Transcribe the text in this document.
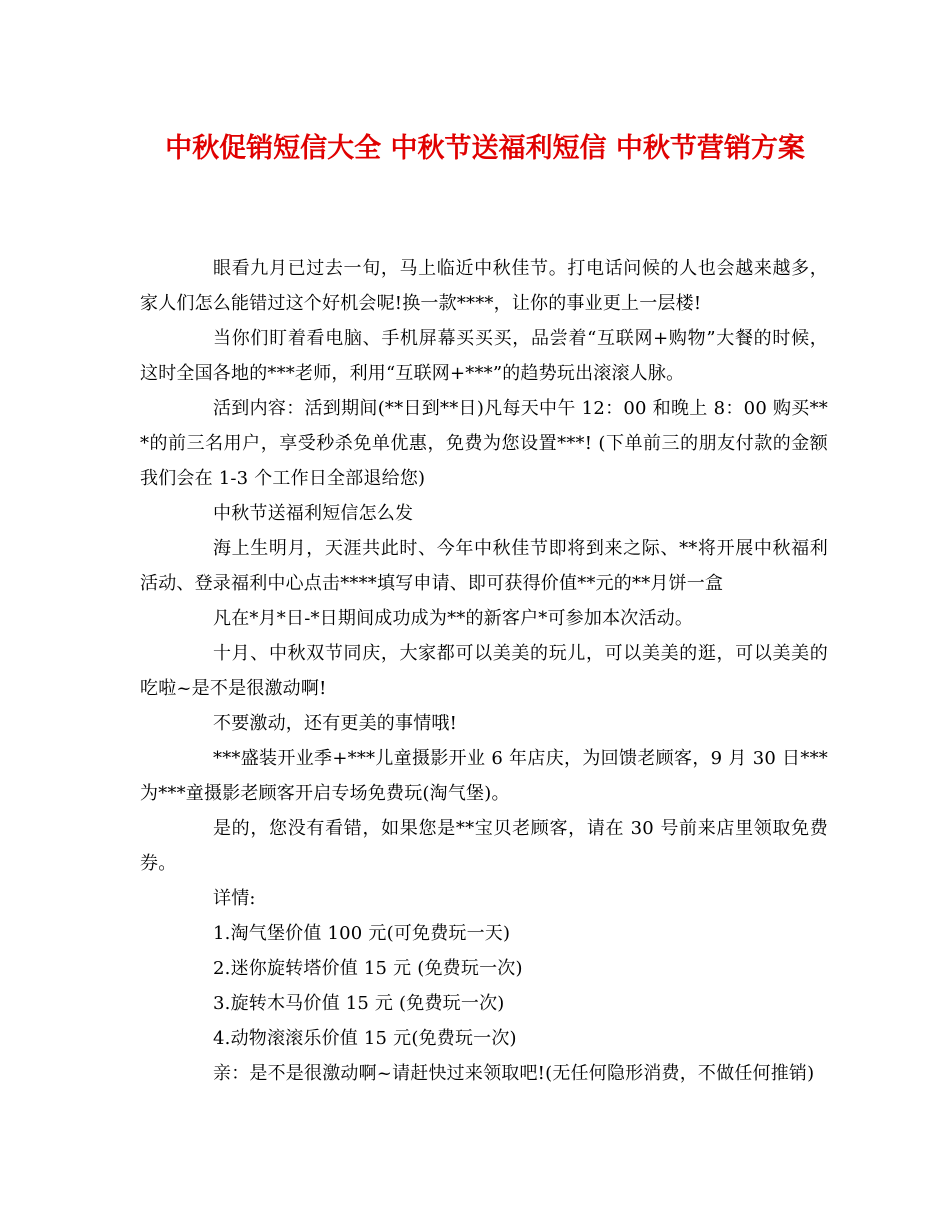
中秋促销短信大全 中秋节送福利短信 中秋节营销方案

眼看九月已过去一旬，马上临近中秋佳节。打电话问候的人也会越来越多，家人们怎么能错过这个好机会呢!换一款****，让你的事业更上一层楼!

当你们盯着看电脑、手机屏幕买买买，品尝着“互联网+购物”大餐的时候，这时全国各地的***老师，利用“互联网+***”的趋势玩出滚滚人脉。

活到内容：活到期间(**日到**日)凡每天中午 12：00 和晚上 8：00 购买***的前三名用户，享受秒杀免单优惠，免费为您设置***! (下单前三的朋友付款的金额我们会在 1-3 个工作日全部退给您)

中秋节送福利短信怎么发

海上生明月，天涯共此时、今年中秋佳节即将到来之际、**将开展中秋福利活动、登录福利中心点击****填写申请、即可获得价值**元的**月饼一盒

凡在*月*日-*日期间成功成为**的新客户*可参加本次活动。

十月、中秋双节同庆，大家都可以美美的玩儿，可以美美的逛，可以美美的吃啦~是不是很激动啊!

不要激动，还有更美的事情哦!

***盛装开业季+***儿童摄影开业 6 年店庆，为回馈老顾客，9 月 30 日***为***童摄影老顾客开启专场免费玩(淘气堡)。

是的，您没有看错，如果您是**宝贝老顾客，请在 30 号前来店里领取免费券。

详情:

1.淘气堡价值 100 元(可免费玩一天)

2.迷你旋转塔价值 15 元 (免费玩一次)

3.旋转木马价值 15 元 (免费玩一次)

4.动物滚滚乐价值 15 元(免费玩一次)

亲：是不是很激动啊~请赶快过来领取吧!(无任何隐形消费，不做任何推销)
